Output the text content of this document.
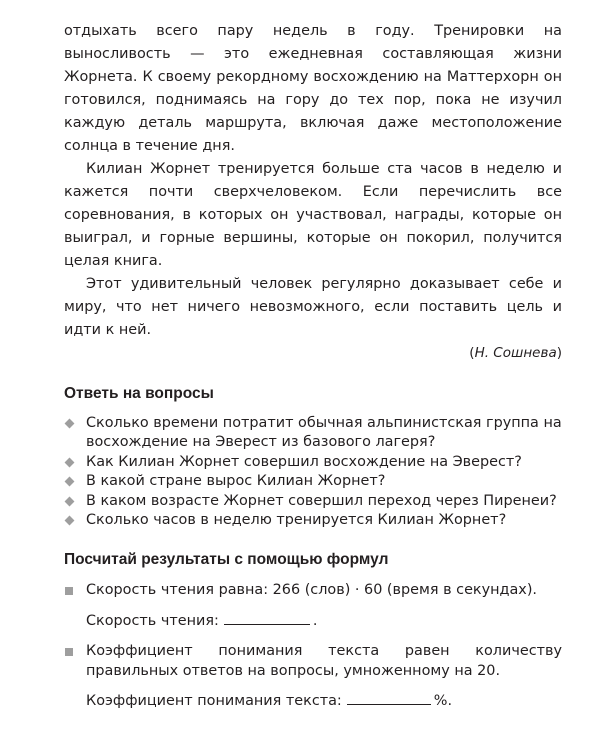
отдыхать всего пару недель в году. Тренировки на выносливость — это ежедневная составляющая жизни Жорнета. К своему рекордному восхождению на Маттерхорн он готовился, поднимаясь на гору до тех пор, пока не изучил каждую деталь маршрута, включая даже местоположение солнца в течение дня.

Килиан Жорнет тренируется больше ста часов в неделю и кажется почти сверхчеловеком. Если перечислить все соревнования, в которых он участвовал, награды, которые он выиграл, и горные вершины, которые он покорил, получится целая книга.

Этот удивительный человек регулярно доказывает себе и миру, что нет ничего невозможного, если поставить цель и идти к ней.

(Н. Сошнева)

Ответь на вопросы
Сколько времени потратит обычная альпинистская группа на восхождение на Эверест из базового лагеря?
Как Килиан Жорнет совершил восхождение на Эверест?
В какой стране вырос Килиан Жорнет?
В каком возрасте Жорнет совершил переход через Пиренеи?
Сколько часов в неделю тренируется Килиан Жорнет?
Посчитай результаты с помощью формул
Скорость чтения равна: 266 (слов) · 60 (время в секундах).
Скорость чтения:	.
Коэффициент понимания текста равен количеству правильных ответов на вопросы, умноженному на 20.
Коэффициент понимания текста:	%.
